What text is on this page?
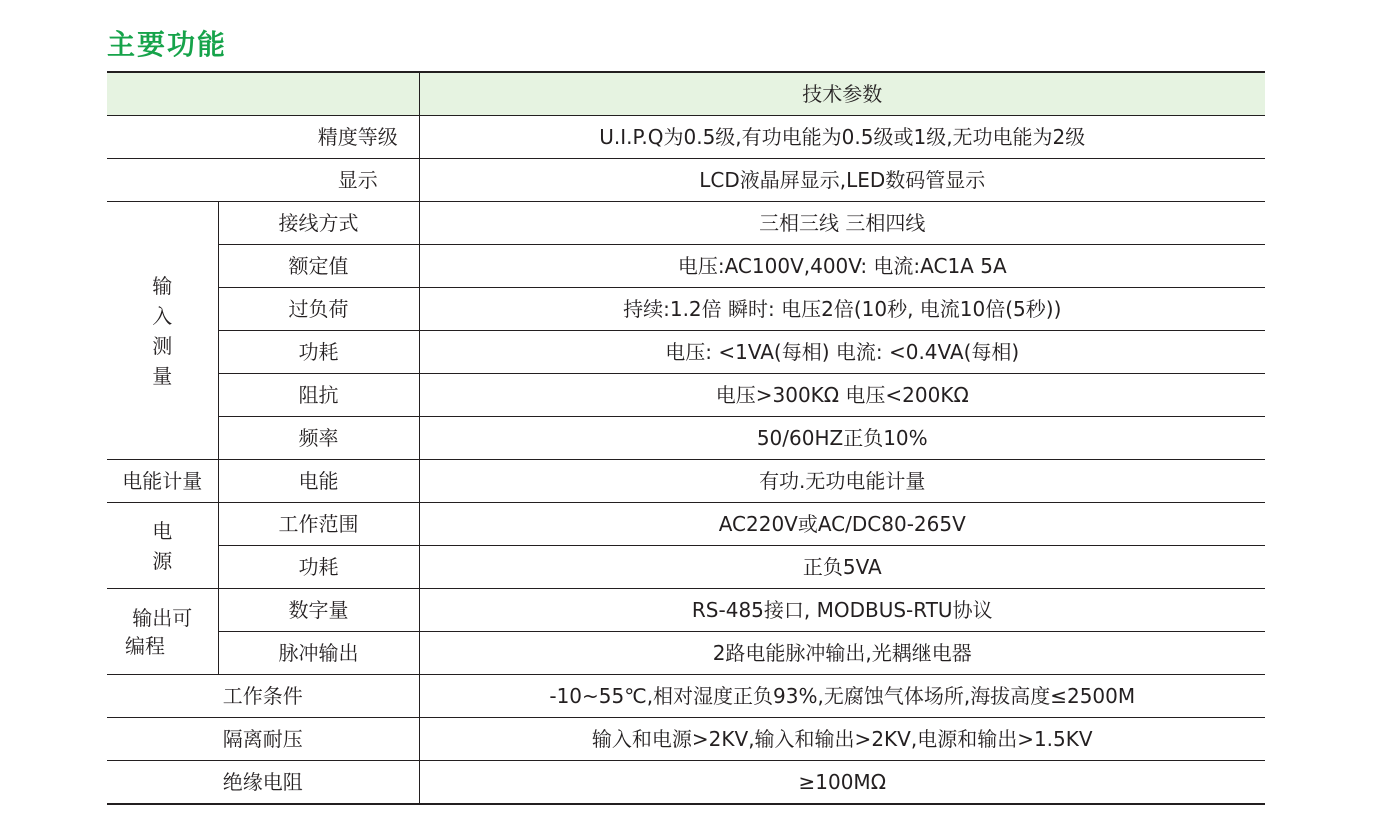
主要功能
		技术参数
精度等级		U.I.P.Q为0.5级,有功电能为0.5级或1级,无功电能为2级
显示		LCD液晶屏显示,LED数码管显示

输
入
测
量	接线方式	三相三线 三相四线
	额定值	电压:AC100V,400V: 电流:AC1A 5A
	过负荷	持续:1.2倍 瞬时: 电压2倍(10秒, 电流10倍(5秒))
	功耗	电压: <1VA(每相) 电流: <0.4VA(每相)
	阻抗	电压>300KΩ 电压<200KΩ
	频率	50/60HZ正负10%
电能计量	电能	有功.无功电能计量

电
源	工作范围	AC220V或AC/DC80-265V
	功耗	正负5VA

输出可
编程	数字量	RS-485接口, MODBUS-RTU协议
	脉冲输出	2路电能脉冲输出,光耦继电器
工作条件		-10~55℃,相对湿度正负93%,无腐蚀气体场所,海拔高度≤2500M
隔离耐压		输入和电源>2KV,输入和输出>2KV,电源和输出>1.5KV
绝缘电阻		≥100MΩ
